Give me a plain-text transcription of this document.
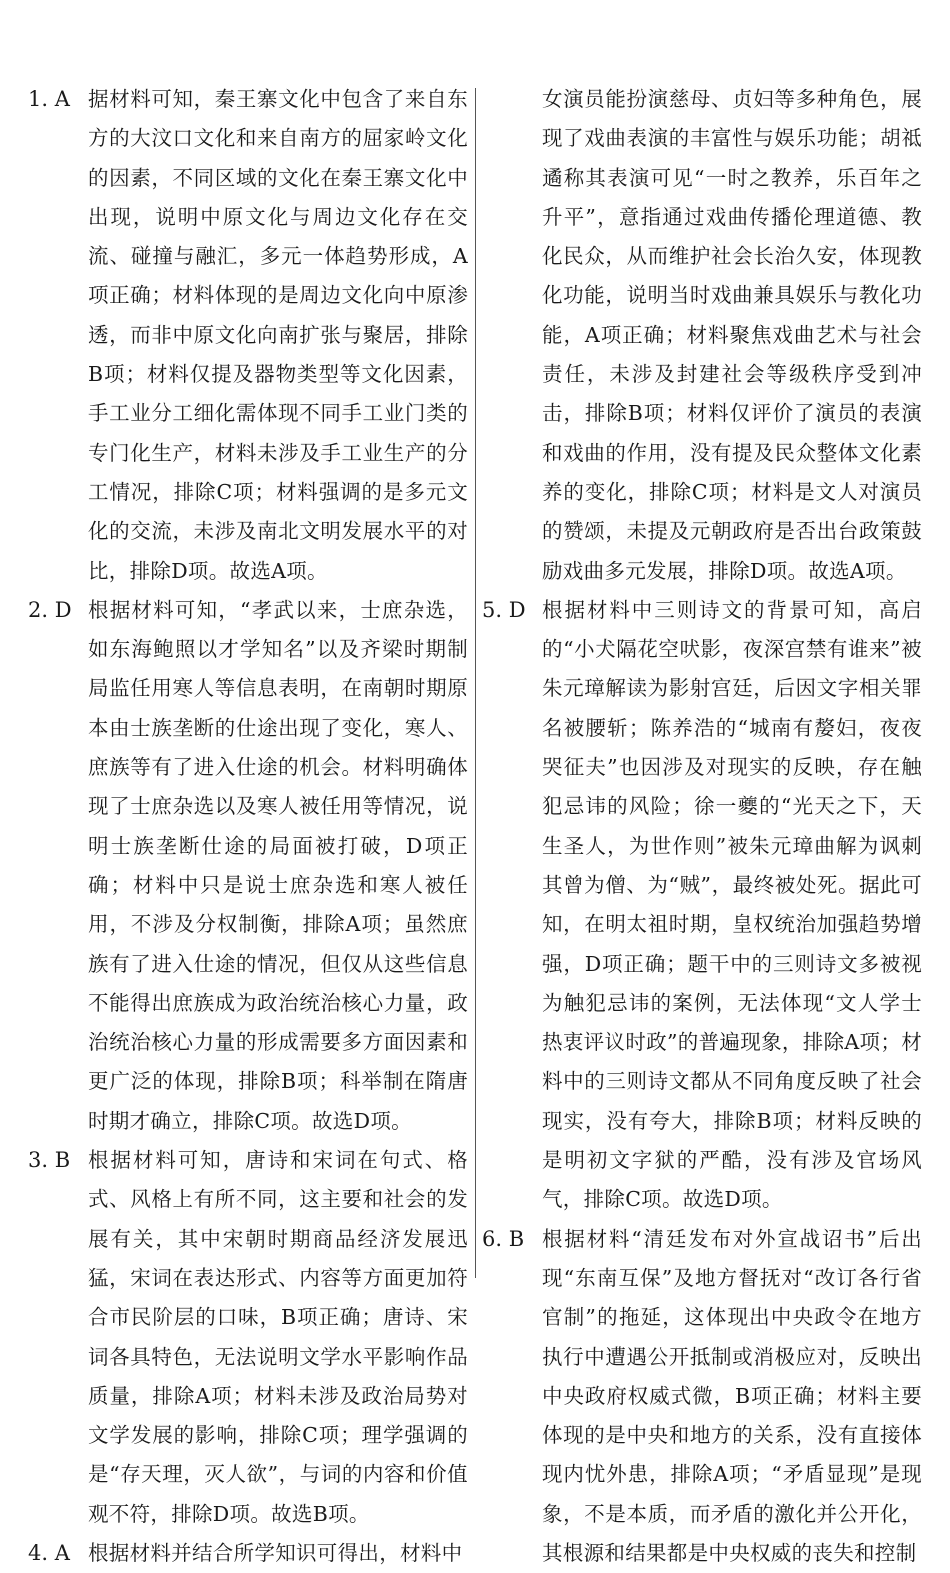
1. A 据材料可知，秦王寨文化中包含了来自东方的大汶口文化和来自南方的屈家岭文化的因素，不同区域的文化在秦王寨文化中出现，说明中原文化与周边文化存在交流、碰撞与融汇，多元一体趋势形成，A项正确；材料体现的是周边文化向中原渗透，而非中原文化向南扩张与聚居，排除B项；材料仅提及器物类型等文化因素，手工业分工细化需体现不同手工业门类的专门化生产，材料未涉及手工业生产的分工情况，排除C项；材料强调的是多元文化的交流，未涉及南北文明发展水平的对比，排除D项。故选A项。

2. D 根据材料可知，“孝武以来，士庶杂选，如东海鲍照以才学知名”以及齐梁时期制局监任用寒人等信息表明，在南朝时期原本由士族垄断的仕途出现了变化，寒人、庶族等有了进入仕途的机会。材料明确体现了士庶杂选以及寒人被任用等情况，说明士族垄断仕途的局面被打破，D项正确；材料中只是说士庶杂选和寒人被任用，不涉及分权制衡，排除A项；虽然庶族有了进入仕途的情况，但仅从这些信息不能得出庶族成为政治统治核心力量，政治统治核心力量的形成需要多方面因素和更广泛的体现，排除B项；科举制在隋唐时期才确立，排除C项。故选D项。

3. B 根据材料可知，唐诗和宋词在句式、格式、风格上有所不同，这主要和社会的发展有关，其中宋朝时期商品经济发展迅猛，宋词在表达形式、内容等方面更加符合市民阶层的口味，B项正确；唐诗、宋词各具特色，无法说明文学水平影响作品质量，排除A项；材料未涉及政治局势对文学发展的影响，排除C项；理学强调的是“存天理，灭人欲”，与词的内容和价值观不符，排除D项。故选B项。

4. A 根据材料并结合所学知识可得出，材料中

女演员能扮演慈母、贞妇等多种角色，展现了戏曲表演的丰富性与娱乐功能；胡祗遹称其表演可见“一时之教养，乐百年之升平”，意指通过戏曲传播伦理道德、教化民众，从而维护社会长治久安，体现教化功能，说明当时戏曲兼具娱乐与教化功能，A项正确；材料聚焦戏曲艺术与社会责任，未涉及封建社会等级秩序受到冲击，排除B项；材料仅评价了演员的表演和戏曲的作用，没有提及民众整体文化素养的变化，排除C项；材料是文人对演员的赞颂，未提及元朝政府是否出台政策鼓励戏曲多元发展，排除D项。故选A项。

5. D 根据材料中三则诗文的背景可知，高启的“小犬隔花空吠影，夜深宫禁有谁来”被朱元璋解读为影射宫廷，后因文字相关罪名被腰斩；陈养浩的“城南有嫠妇，夜夜哭征夫”也因涉及对现实的反映，存在触犯忌讳的风险；徐一夔的“光天之下，天生圣人，为世作则”被朱元璋曲解为讽刺其曾为僧、为“贼”，最终被处死。据此可知，在明太祖时期，皇权统治加强趋势增强，D项正确；题干中的三则诗文多被视为触犯忌讳的案例，无法体现“文人学士热衷评议时政”的普遍现象，排除A项；材料中的三则诗文都从不同角度反映了社会现实，没有夸大，排除B项；材料反映的是明初文字狱的严酷，没有涉及官场风气，排除C项。故选D项。

6. B 根据材料“清廷发布对外宣战诏书”后出现“东南互保”及地方督抚对“改订各行省官制”的拖延，这体现出中央政令在地方执行中遭遇公开抵制或消极应对，反映出中央政府权威式微，B项正确；材料主要体现的是中央和地方的关系，没有直接体现内忧外患，排除A项；“矛盾显现”是现象，不是本质，而矛盾的激化并公开化，其根源和结果都是中央权威的丧失和控制
